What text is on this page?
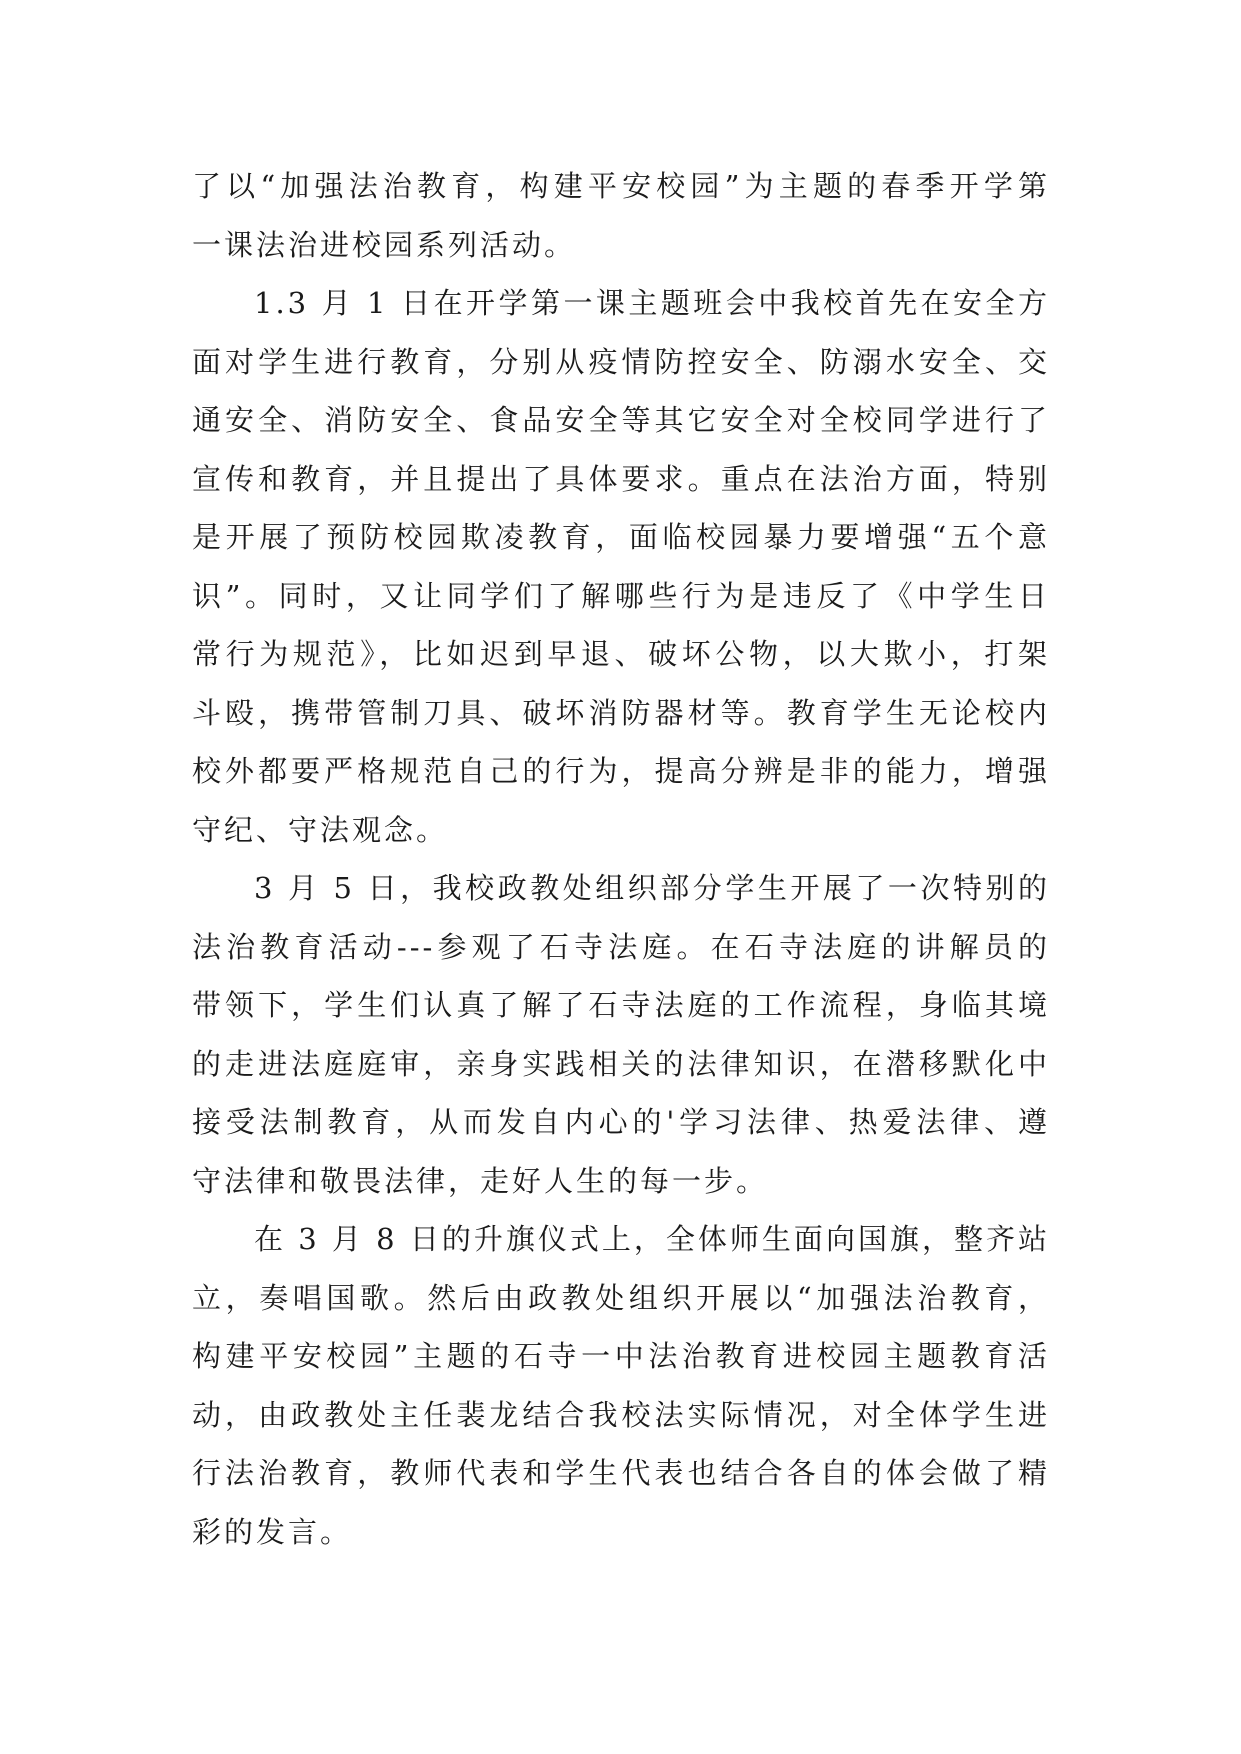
了以“加强法治教育，构建平安校园”为主题的春季开学第
一课法治进校园系列活动。
1.3 月 1 日在开学第一课主题班会中我校首先在安全方
面对学生进行教育，分别从疫情防控安全、防溺水安全、交
通安全、消防安全、食品安全等其它安全对全校同学进行了
宣传和教育，并且提出了具体要求。重点在法治方面，特别
是开展了预防校园欺凌教育，面临校园暴力要增强“五个意
识”。同时，又让同学们了解哪些行为是违反了《中学生日
常行为规范》，比如迟到早退、破坏公物，以大欺小，打架
斗殴，携带管制刀具、破坏消防器材等。教育学生无论校内
校外都要严格规范自己的行为，提高分辨是非的能力，增强
守纪、守法观念。
3 月 5 日，我校政教处组织部分学生开展了一次特别的
法治教育活动---参观了石寺法庭。在石寺法庭的讲解员的
带领下，学生们认真了解了石寺法庭的工作流程，身临其境
的走进法庭庭审，亲身实践相关的法律知识，在潜移默化中
接受法制教育，从而发自内心的'学习法律、热爱法律、遵
守法律和敬畏法律，走好人生的每一步。
在 3 月 8 日的升旗仪式上，全体师生面向国旗，整齐站
立，奏唱国歌。然后由政教处组织开展以“加强法治教育，
构建平安校园”主题的石寺一中法治教育进校园主题教育活
动，由政教处主任裴龙结合我校法实际情况，对全体学生进
行法治教育，教师代表和学生代表也结合各自的体会做了精
彩的发言。
